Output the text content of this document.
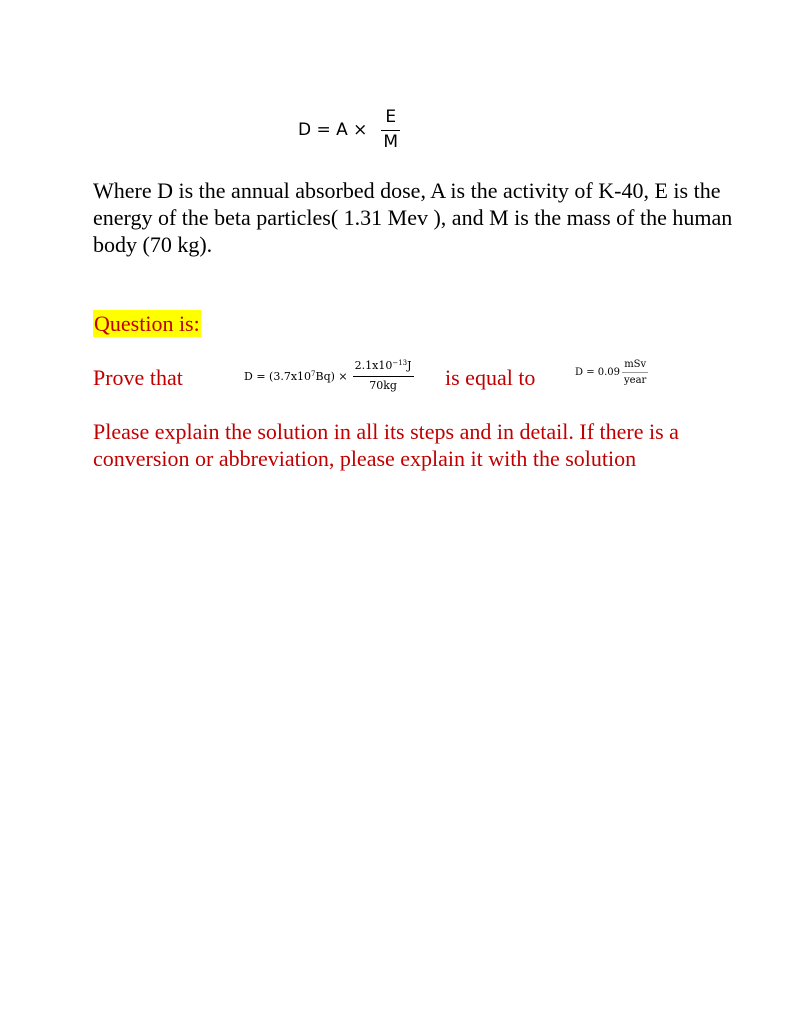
$D = A \times \frac{E}{M}$

Where D is the annual absorbed dose, A is the activity of K-40, E is the energy of the beta particles( 1.31 Mev ), and M is the mass of the human body (70 kg).

Question is:
Prove that	$D = (3.7x10^7Bq) \times \frac{2.1x10^{-13}J}{70kg}$ is equal to	$D = 0.09 \frac{\text{mSv}}{\text{year}}$

Please explain the solution in all its steps and in detail. If there is a conversion or abbreviation, please explain it with the solution
